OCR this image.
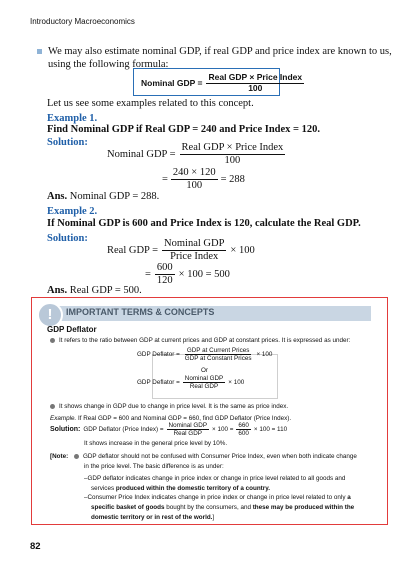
Introductory Macroeconomics
We may also estimate nominal GDP, if real GDP and price index are known to us,
using the following formula:
Nominal GDP = $\frac{\text{Real GDP × Price Index}}{100}$
Let us see some examples related to this concept.
Example 1.
Find Nominal GDP if Real GDP = 240 and Price Index = 120.
Solution:
Nominal GDP = $\frac{\text{Real GDP × Price Index}}{100}$
= $\frac{240 \times 120}{100} = 288$
Ans. Nominal GDP = 288.
Example 2.
If Nominal GDP is 600 and Price Index is 120, calculate the Real GDP.
Solution:
Real GDP = $\frac{\text{Nominal GDP}}{\text{Price Index}} \times 100$
= $\frac{600}{120} \times 100 = 500$
Ans. Real GDP = 500.
!	IMPORTANT TERMS & CONCEPTS
GDP Deflator
It refers to the ratio between GDP at current prices and GDP at constant prices. It is expressed as under:
GDP Deflator = $\frac{\text{GDP at Current Prices}}{\text{GDP at Constant Prices}} \times 100$
Or
GDP Deflator = $\frac{\text{Nominal GDP}}{\text{Real GDP}} \times 100$
It shows change in GDP due to change in price level. It is the same as price index.
Example. If Real GDP = 600 and Nominal GDP = 660, find GDP Deflator (Price Index).
Solution: GDP Deflator (Price Index) = $\frac{\text{Nominal GDP}}{\text{Real GDP}} \times 100 = \frac{660}{600} \times 100 = 110$
It shows increase in the general price level by 10%.
[Note: GDP deflator should not be confused with Consumer Price Index, even when both indicate change
in the price level. The basic difference is as under:
–GDP deflator indicates change in price index or change in price level related to all goods and
services produced within the domestic territory of a country.
–Consumer Price Index indicates change in price index or change in price level related to only a
specific basket of goods bought by the consumers, and these may be produced within the
domestic territory or in rest of the world.]
82
